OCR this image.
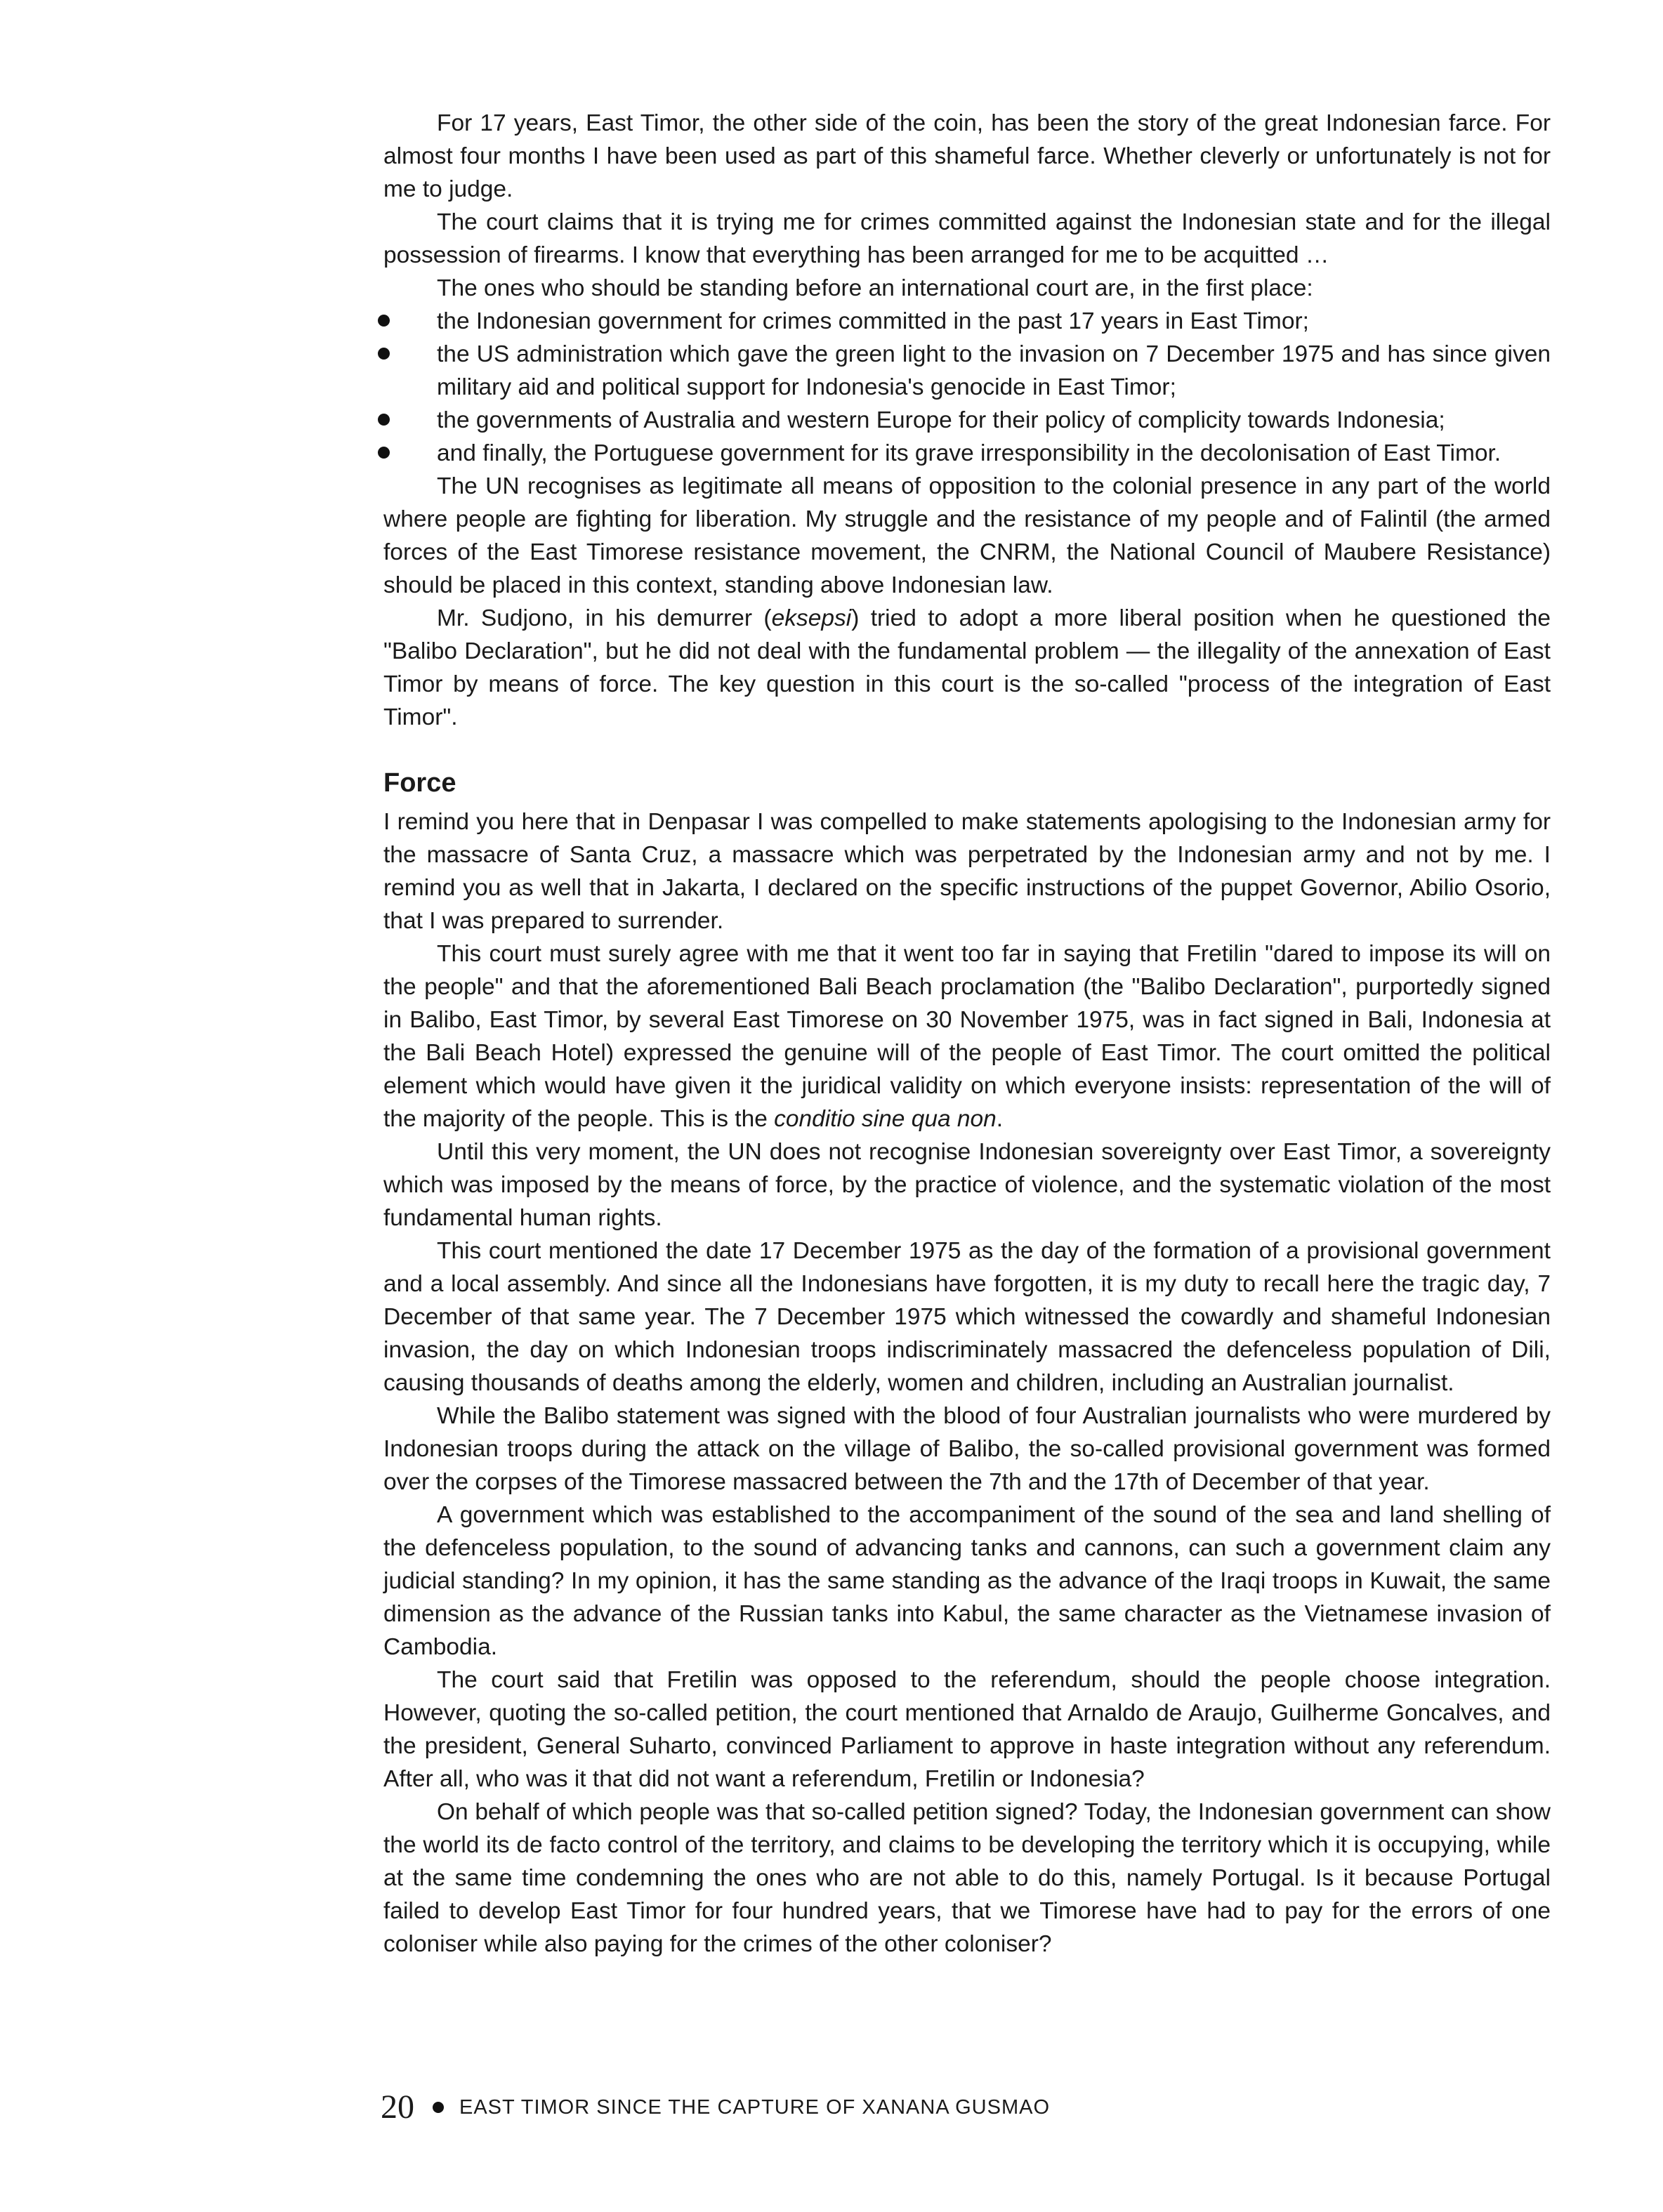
For 17 years, East Timor, the other side of the coin, has been the story of the great Indonesian farce. For almost four months I have been used as part of this shameful farce. Whether cleverly or unfortunately is not for me to judge.

The court claims that it is trying me for crimes committed against the Indonesian state and for the illegal possession of firearms. I know that everything has been arranged for me to be acquitted …

The ones who should be standing before an international court are, in the first place:

the Indonesian government for crimes committed in the past 17 years in East Timor;
the US administration which gave the green light to the invasion on 7 December 1975 and has since given military aid and political support for Indonesia's genocide in East Timor;
the governments of Australia and western Europe for their policy of complicity towards Indonesia;
and finally, the Portuguese government for its grave irresponsibility in the decolonisation of East Timor.

The UN recognises as legitimate all means of opposition to the colonial presence in any part of the world where people are fighting for liberation. My struggle and the resistance of my people and of Falintil (the armed forces of the East Timorese resistance movement, the CNRM, the National Council of Maubere Resistance) should be placed in this context, standing above Indonesian law.

Mr. Sudjono, in his demurrer (eksepsi) tried to adopt a more liberal position when he questioned the "Balibo Declaration", but he did not deal with the fundamental problem — the illegality of the annexation of East Timor by means of force. The key question in this court is the so-called "process of the integration of East Timor".

Force

I remind you here that in Denpasar I was compelled to make statements apologising to the Indonesian army for the massacre of Santa Cruz, a massacre which was perpetrated by the Indonesian army and not by me. I remind you as well that in Jakarta, I declared on the specific instructions of the puppet Governor, Abilio Osorio, that I was prepared to surrender.

This court must surely agree with me that it went too far in saying that Fretilin "dared to impose its will on the people" and that the aforementioned Bali Beach proclamation (the "Balibo Declaration", purportedly signed in Balibo, East Timor, by several East Timorese on 30 November 1975, was in fact signed in Bali, Indonesia at the Bali Beach Hotel) expressed the genuine will of the people of East Timor. The court omitted the political element which would have given it the juridical validity on which everyone insists: representation of the will of the majority of the people. This is the conditio sine qua non.

Until this very moment, the UN does not recognise Indonesian sovereignty over East Timor, a sovereignty which was imposed by the means of force, by the practice of violence, and the systematic violation of the most fundamental human rights.

This court mentioned the date 17 December 1975 as the day of the formation of a provisional government and a local assembly. And since all the Indonesians have forgotten, it is my duty to recall here the tragic day, 7 December of that same year. The 7 December 1975 which witnessed the cowardly and shameful Indonesian invasion, the day on which Indonesian troops indiscriminately massacred the defenceless population of Dili, causing thousands of deaths among the elderly, women and children, including an Australian journalist.

While the Balibo statement was signed with the blood of four Australian journalists who were murdered by Indonesian troops during the attack on the village of Balibo, the so-called provisional government was formed over the corpses of the Timorese massacred between the 7th and the 17th of December of that year.

A government which was established to the accompaniment of the sound of the sea and land shelling of the defenceless population, to the sound of advancing tanks and cannons, can such a government claim any judicial standing? In my opinion, it has the same standing as the advance of the Iraqi troops in Kuwait, the same dimension as the advance of the Russian tanks into Kabul, the same character as the Vietnamese invasion of Cambodia.

The court said that Fretilin was opposed to the referendum, should the people choose integration. However, quoting the so-called petition, the court mentioned that Arnaldo de Araujo, Guilherme Goncalves, and the president, General Suharto, convinced Parliament to approve in haste integration without any referendum. After all, who was it that did not want a referendum, Fretilin or Indonesia?

On behalf of which people was that so-called petition signed? Today, the Indonesian government can show the world its de facto control of the territory, and claims to be developing the territory which it is occupying, while at the same time condemning the ones who are not able to do this, namely Portugal. Is it because Portugal failed to develop East Timor for four hundred years, that we Timorese have had to pay for the errors of one coloniser while also paying for the crimes of the other coloniser?

20 EAST TIMOR SINCE THE CAPTURE OF XANANA GUSMAO
